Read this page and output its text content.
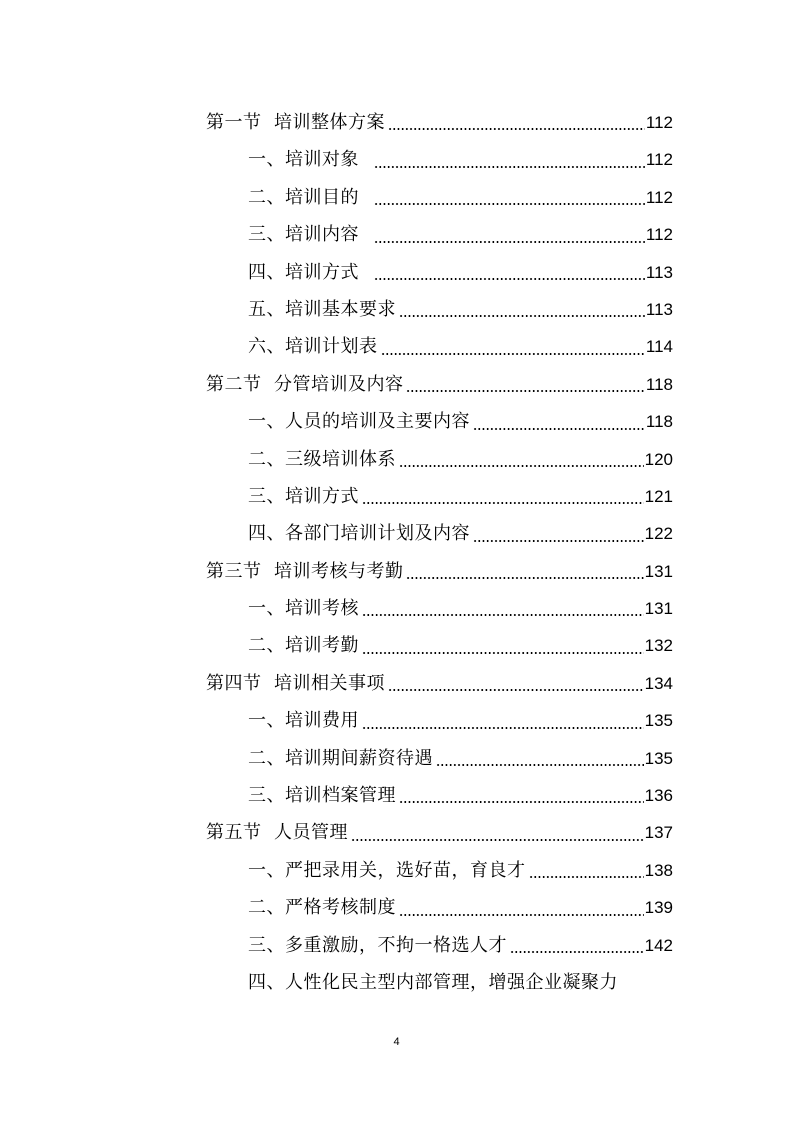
第一节  培训整体方案	112
一、培训对象	112
二、培训目的	112
三、培训内容	112
四、培训方式	113
五、培训基本要求	113
六、培训计划表	114
第二节  分管培训及内容	118
一、人员的培训及主要内容	118
二、三级培训体系	120
三、培训方式	121
四、各部门培训计划及内容	122
第三节  培训考核与考勤	131
一、培训考核	131
二、培训考勤	132
第四节  培训相关事项	134
一、培训费用	135
二、培训期间薪资待遇	135
三、培训档案管理	136
第五节  人员管理	137
一、严把录用关，选好苗，育良才	138
二、严格考核制度	139
三、多重激励，不拘一格选人才	142
四、人性化民主型内部管理，增强企业凝聚力
4
